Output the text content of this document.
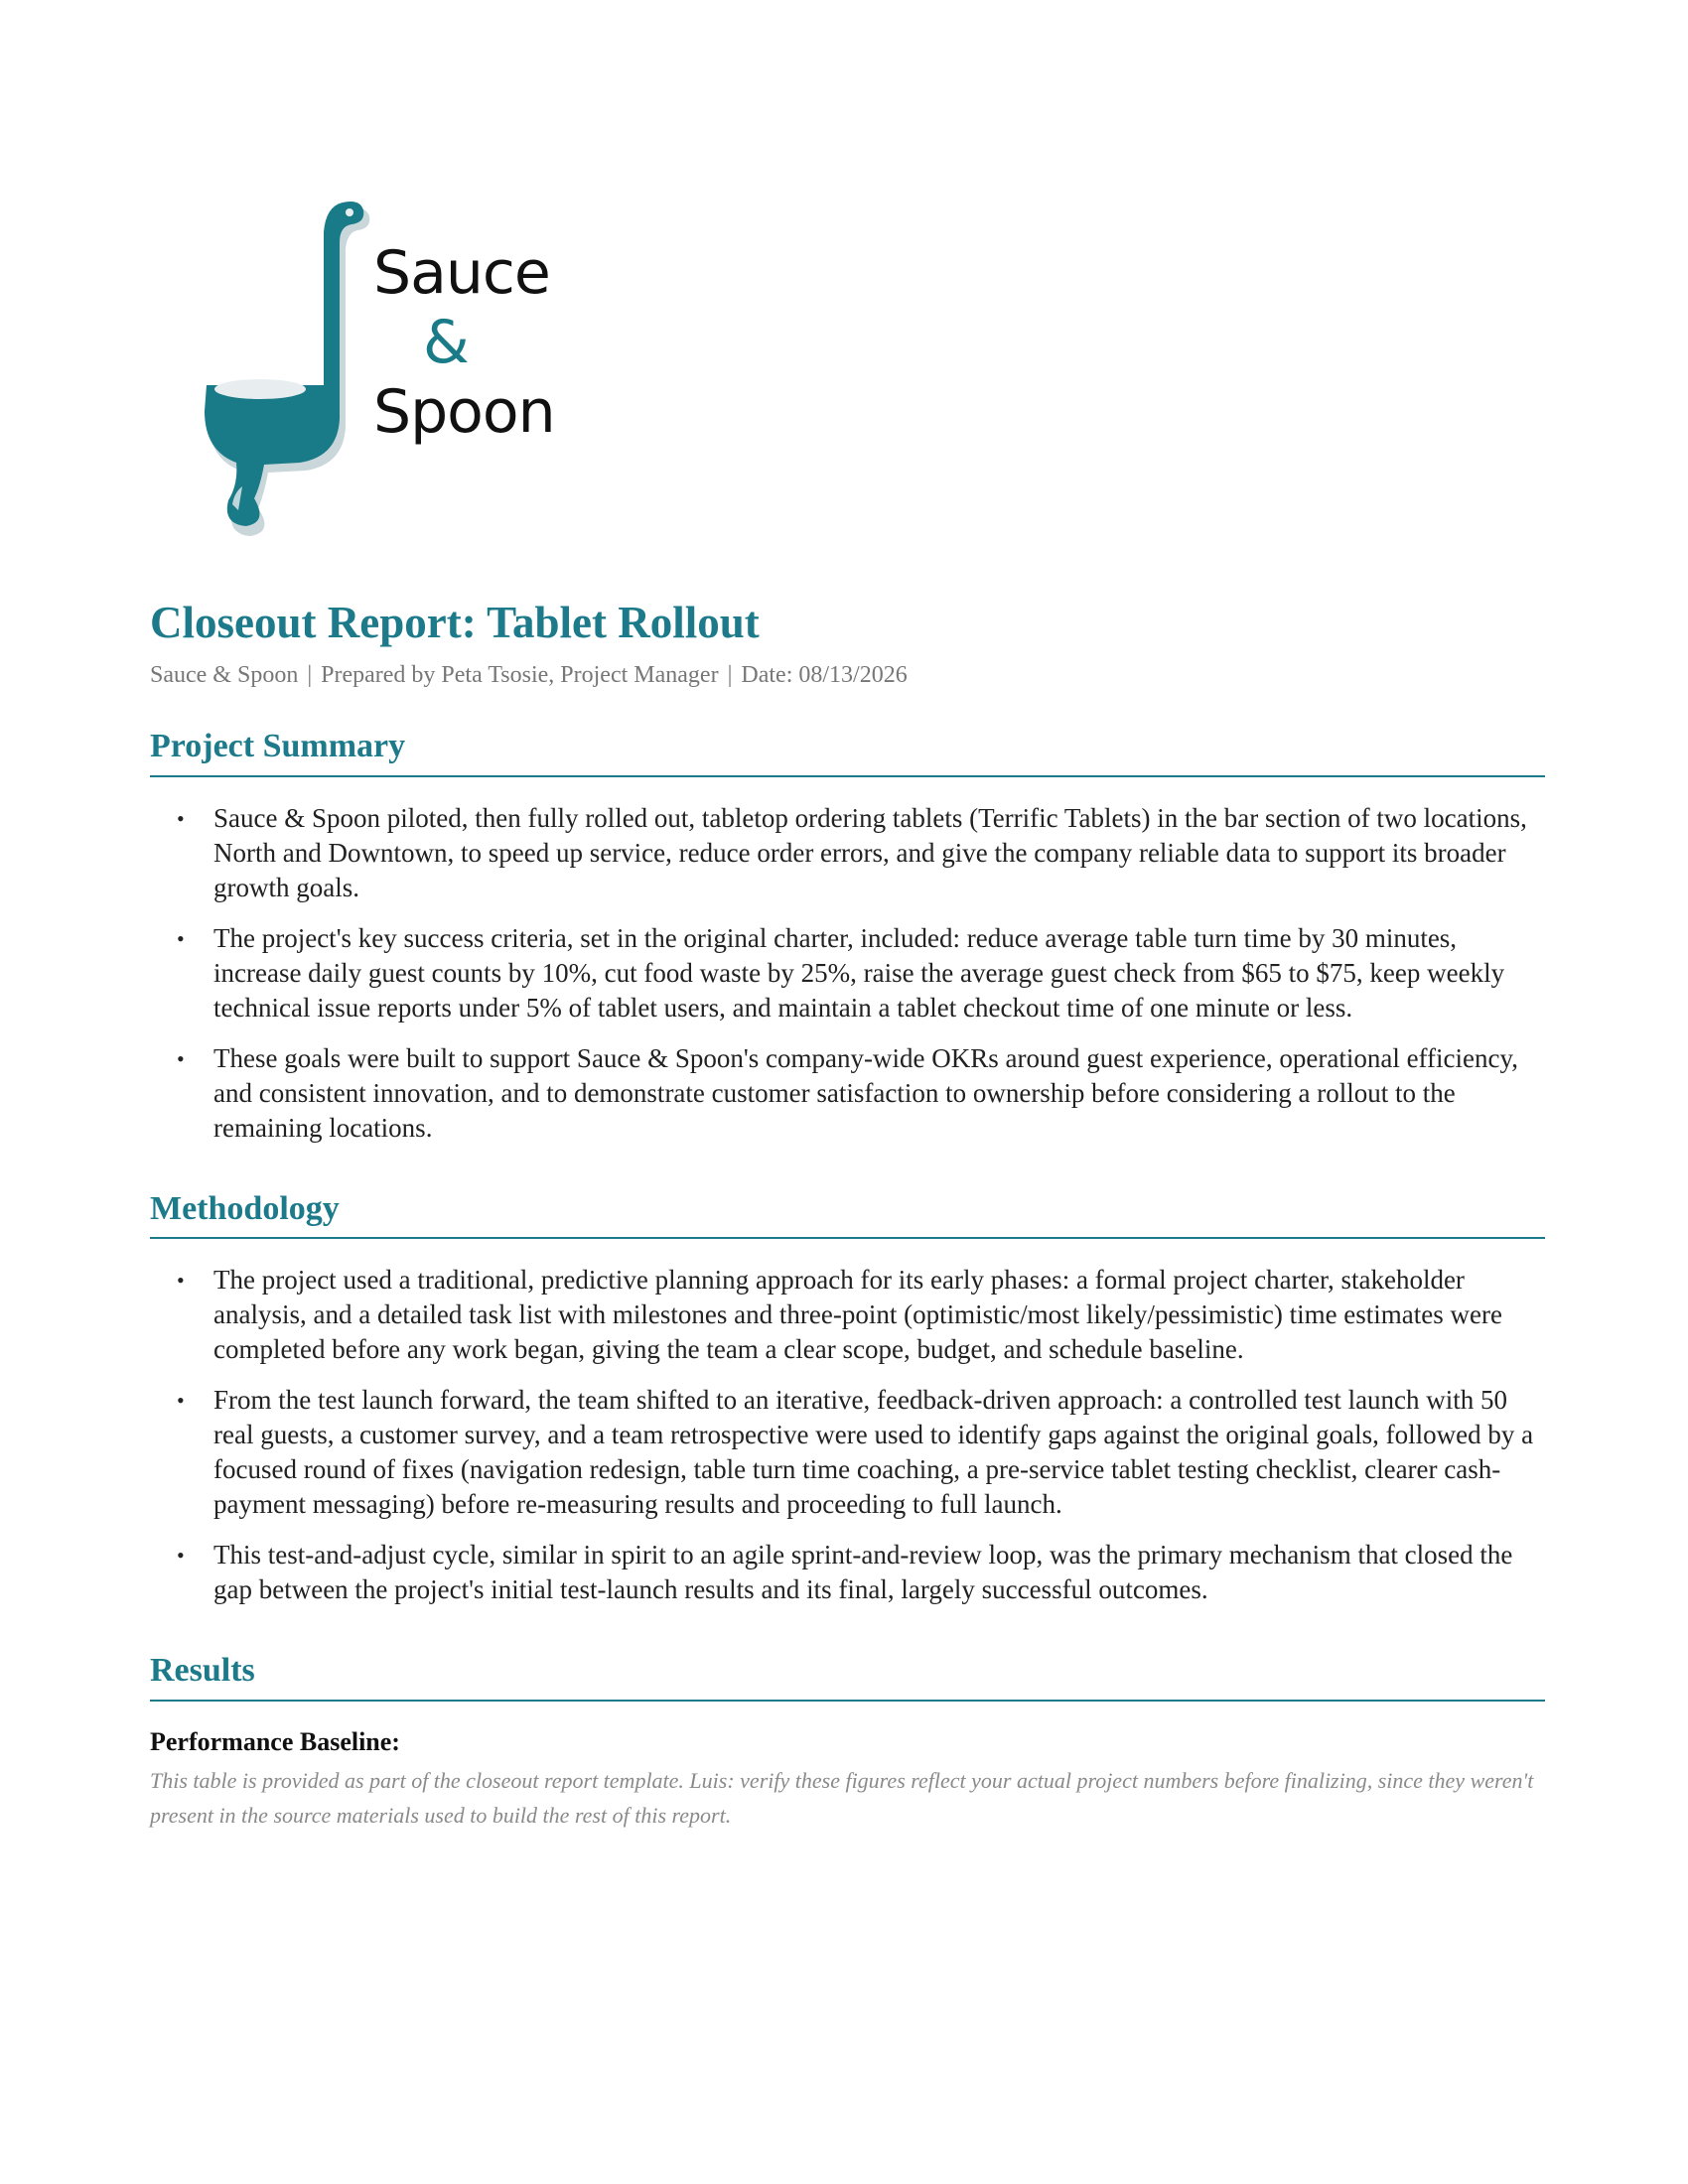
Sauce
&
Spoon
Closeout Report: Tablet Rollout
Sauce & Spoon | Prepared by Peta Tsosie, Project Manager | Date: 08/13/2026
Project Summary
• Sauce & Spoon piloted, then fully rolled out, tabletop ordering tablets (Terrific Tablets) in the bar section of two locations, North and Downtown, to speed up service, reduce order errors, and give the company reliable data to support its broader growth goals.
• The project's key success criteria, set in the original charter, included: reduce average table turn time by 30 minutes, increase daily guest counts by 10%, cut food waste by 25%, raise the average guest check from $65 to $75, keep weekly technical issue reports under 5% of tablet users, and maintain a tablet checkout time of one minute or less.
• These goals were built to support Sauce & Spoon's company-wide OKRs around guest experience, operational efficiency, and consistent innovation, and to demonstrate customer satisfaction to ownership before considering a rollout to the remaining locations.
Methodology
• The project used a traditional, predictive planning approach for its early phases: a formal project charter, stakeholder analysis, and a detailed task list with milestones and three-point (optimistic/most likely/pessimistic) time estimates were completed before any work began, giving the team a clear scope, budget, and schedule baseline.
• From the test launch forward, the team shifted to an iterative, feedback-driven approach: a controlled test launch with 50 real guests, a customer survey, and a team retrospective were used to identify gaps against the original goals, followed by a focused round of fixes (navigation redesign, table turn time coaching, a pre-service tablet testing checklist, clearer cash-payment messaging) before re-measuring results and proceeding to full launch.
• This test-and-adjust cycle, similar in spirit to an agile sprint-and-review loop, was the primary mechanism that closed the gap between the project's initial test-launch results and its final, largely successful outcomes.
Results
Performance Baseline:
This table is provided as part of the closeout report template. Luis: verify these figures reflect your actual project numbers before finalizing, since they weren't present in the source materials used to build the rest of this report.
